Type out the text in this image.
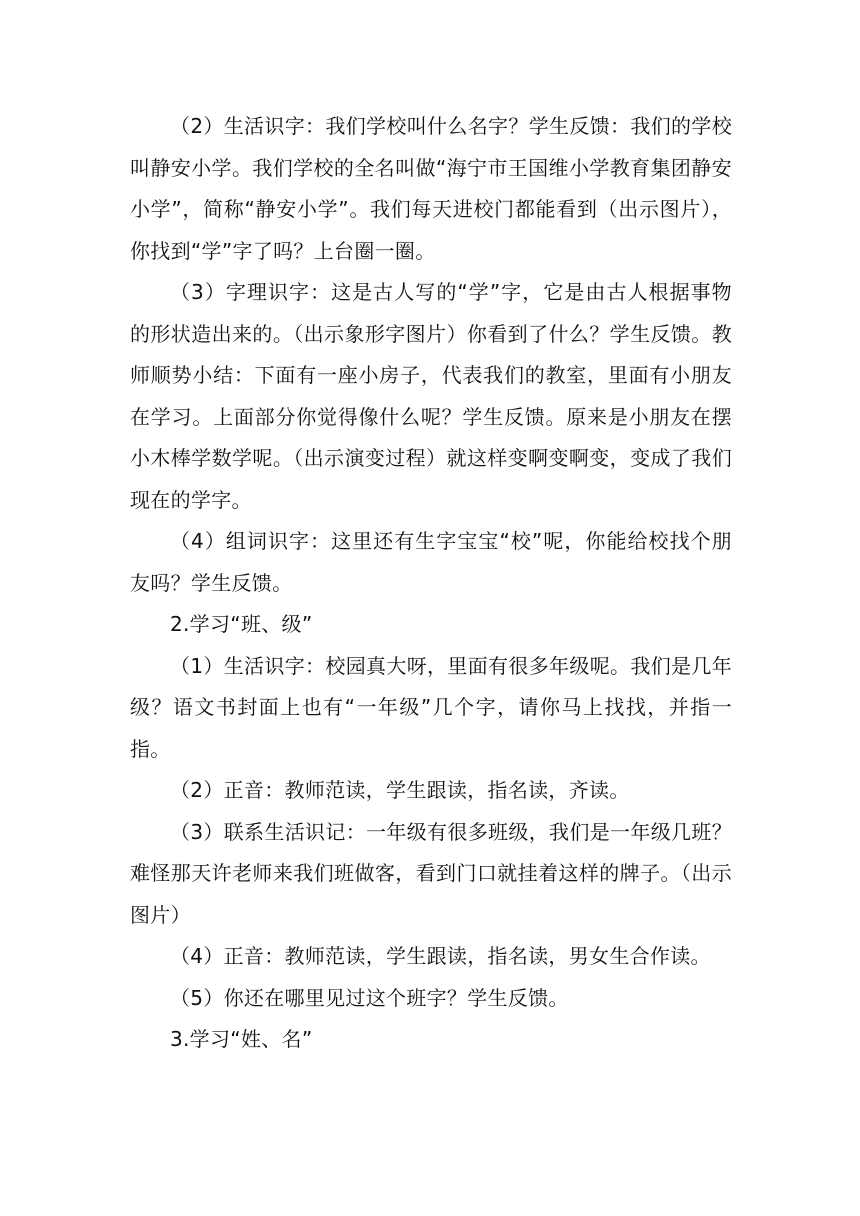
（2）生活识字：我们学校叫什么名字？学生反馈：我们的学校叫静安小学。我们学校的全名叫做“海宁市王国维小学教育集团静安小学”，简称“静安小学”。我们每天进校门都能看到（出示图片），你找到“学”字了吗？上台圈一圈。

（3）字理识字：这是古人写的“学”字，它是由古人根据事物的形状造出来的。（出示象形字图片）你看到了什么？学生反馈。教师顺势小结：下面有一座小房子，代表我们的教室，里面有小朋友在学习。上面部分你觉得像什么呢？学生反馈。原来是小朋友在摆小木棒学数学呢。（出示演变过程）就这样变啊变啊变，变成了我们现在的学字。

（4）组词识字：这里还有生字宝宝“校”呢，你能给校找个朋友吗？学生反馈。

2.学习“班、级”

（1）生活识字：校园真大呀，里面有很多年级呢。我们是几年级？语文书封面上也有“一年级”几个字，请你马上找找，并指一指。

（2）正音：教师范读，学生跟读，指名读，齐读。

（3）联系生活识记：一年级有很多班级，我们是一年级几班？难怪那天许老师来我们班做客，看到门口就挂着这样的牌子。（出示图片）

（4）正音：教师范读，学生跟读，指名读，男女生合作读。

（5）你还在哪里见过这个班字？学生反馈。

3.学习“姓、名”
